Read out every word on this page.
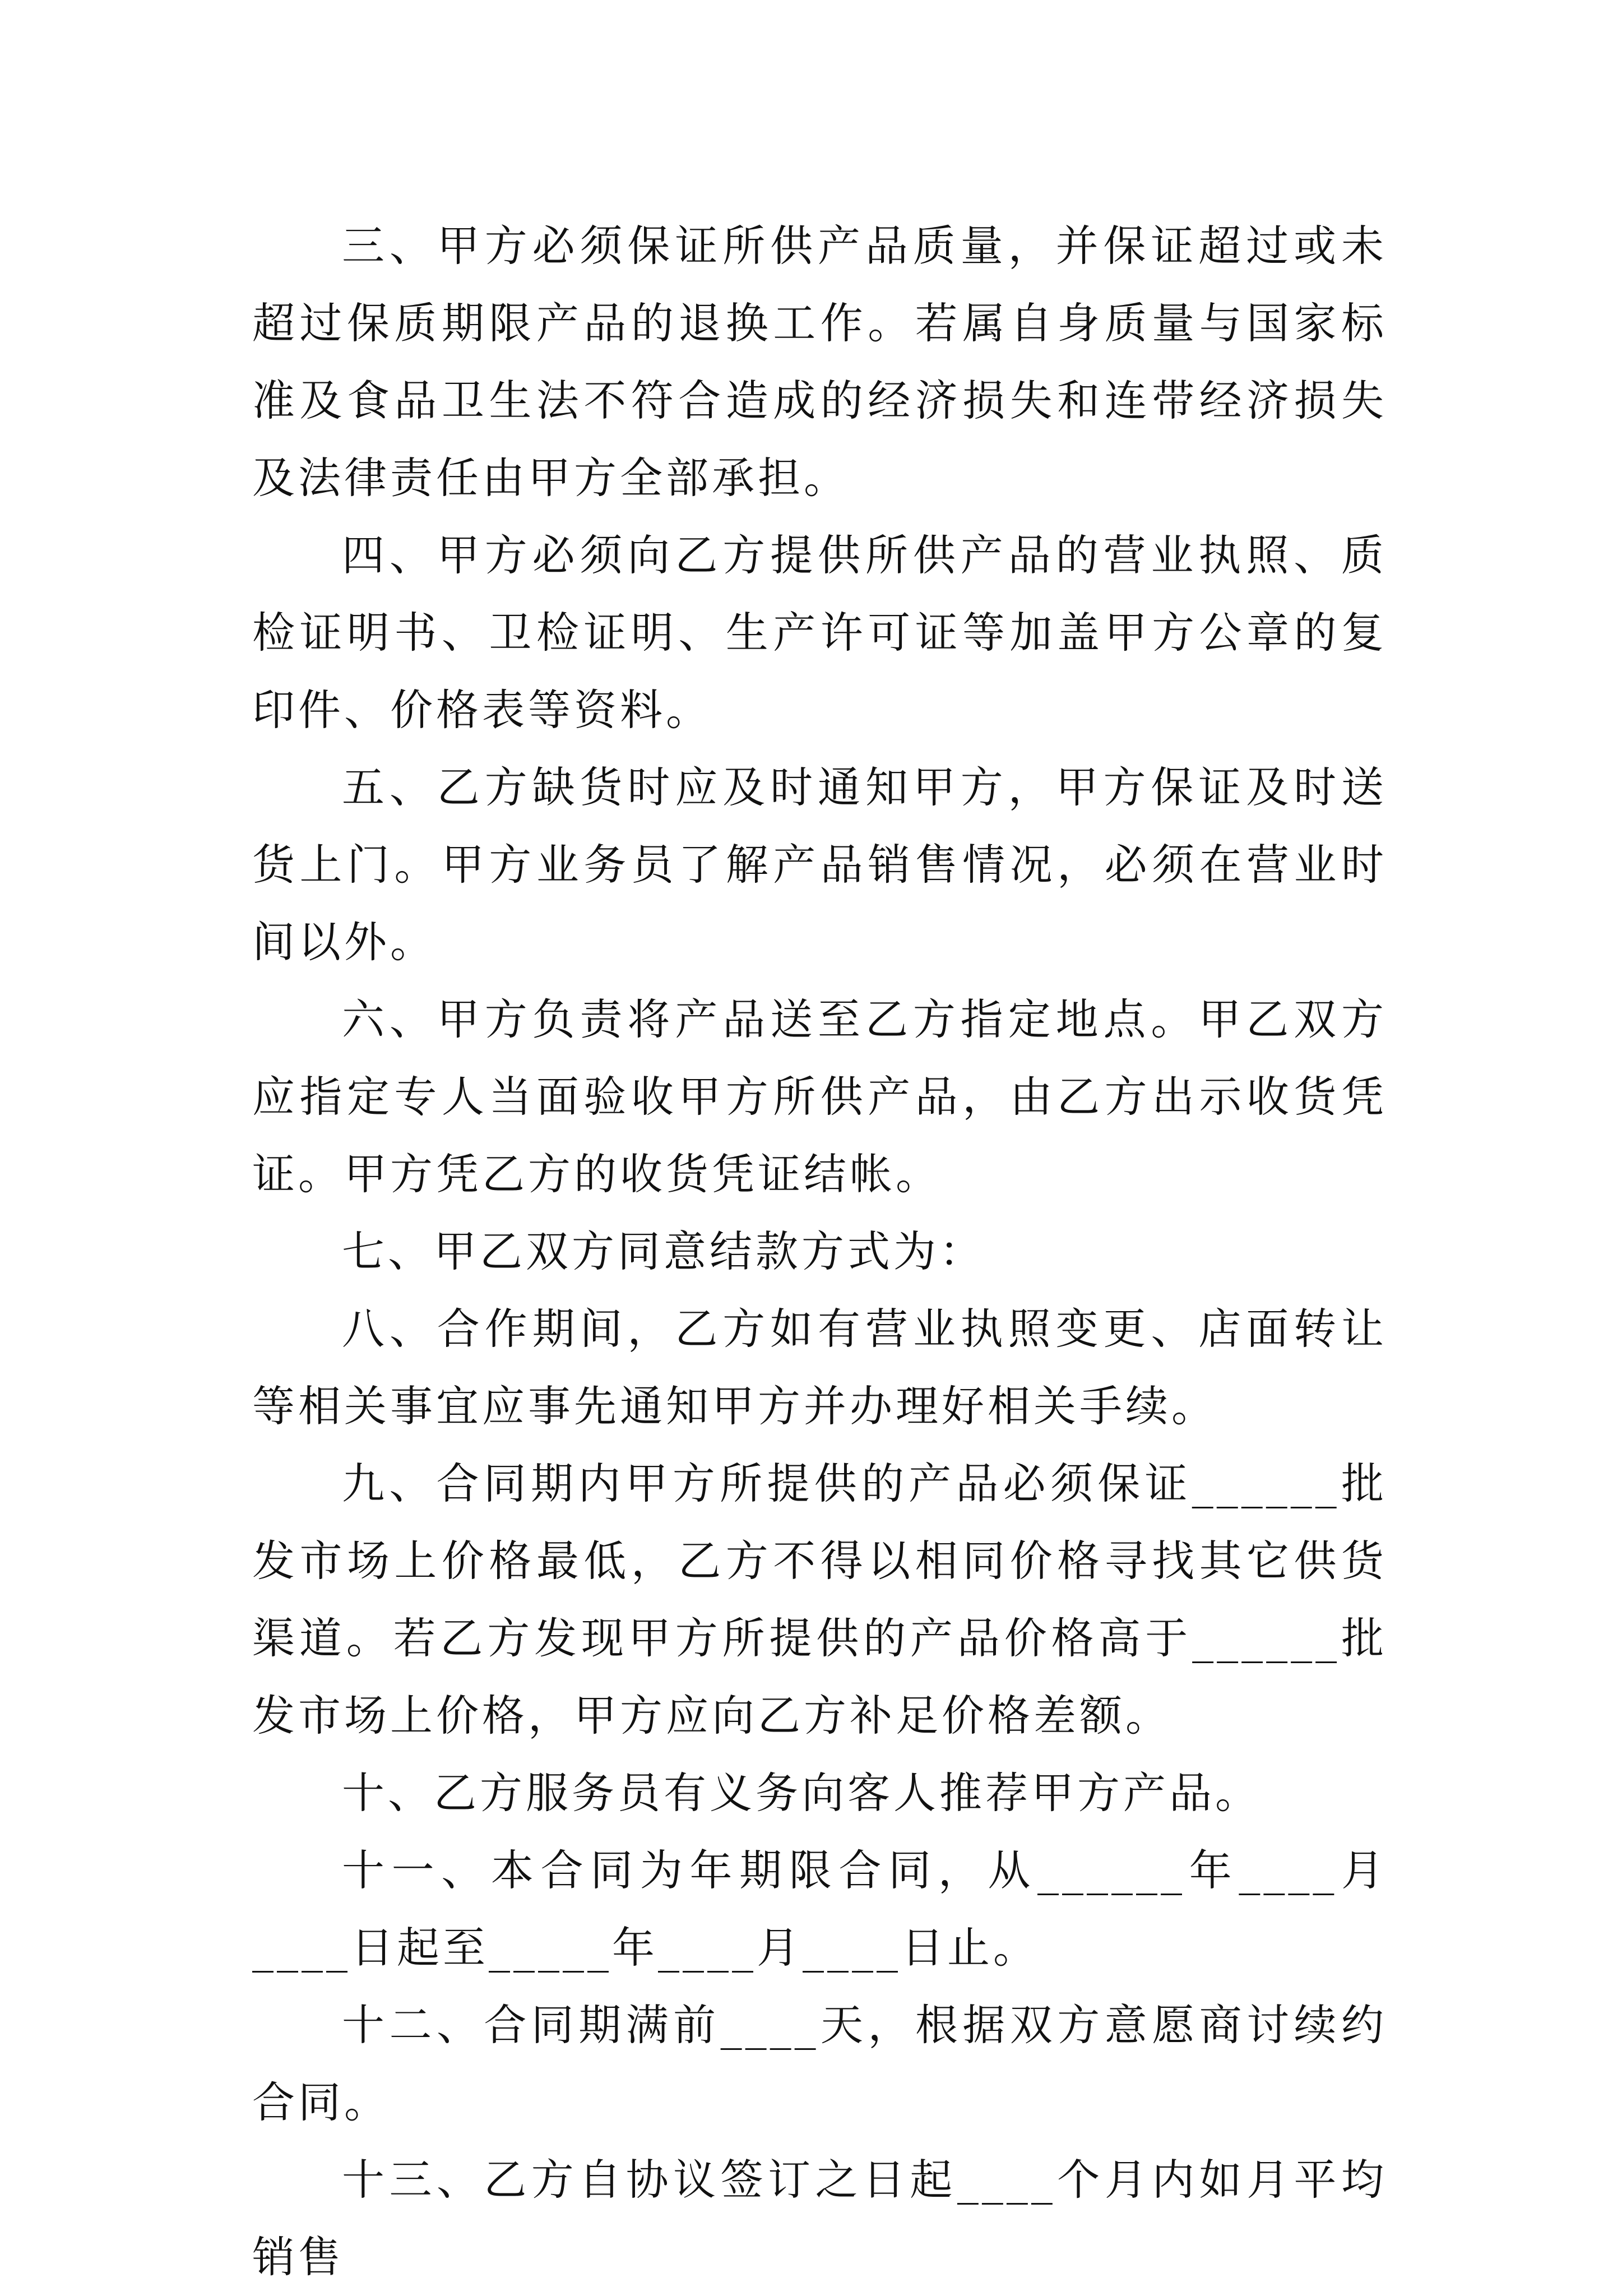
三、甲方必须保证所供产品质量，并保证超过或未超过保质期限产品的退换工作。若属自身质量与国家标准及食品卫生法不符合造成的经济损失和连带经济损失及法律责任由甲方全部承担。

四、甲方必须向乙方提供所供产品的营业执照、质检证明书、卫检证明、生产许可证等加盖甲方公章的复印件、价格表等资料。

五、乙方缺货时应及时通知甲方，甲方保证及时送货上门。甲方业务员了解产品销售情况，必须在营业时间以外。

六、甲方负责将产品送至乙方指定地点。甲乙双方应指定专人当面验收甲方所供产品，由乙方出示收货凭证。甲方凭乙方的收货凭证结帐。

七、甲乙双方同意结款方式为：

八、合作期间，乙方如有营业执照变更、店面转让等相关事宜应事先通知甲方并办理好相关手续。

九、合同期内甲方所提供的产品必须保证______批发市场上价格最低，乙方不得以相同价格寻找其它供货渠道。若乙方发现甲方所提供的产品价格高于______批发市场上价格，甲方应向乙方补足价格差额。

十、乙方服务员有义务向客人推荐甲方产品。

十一、本合同为年期限合同，从______年____月____日起至_____年____月____日止。

十二、合同期满前____天，根据双方意愿商讨续约合同。

十三、乙方自协议签订之日起____个月内如月平均销售
